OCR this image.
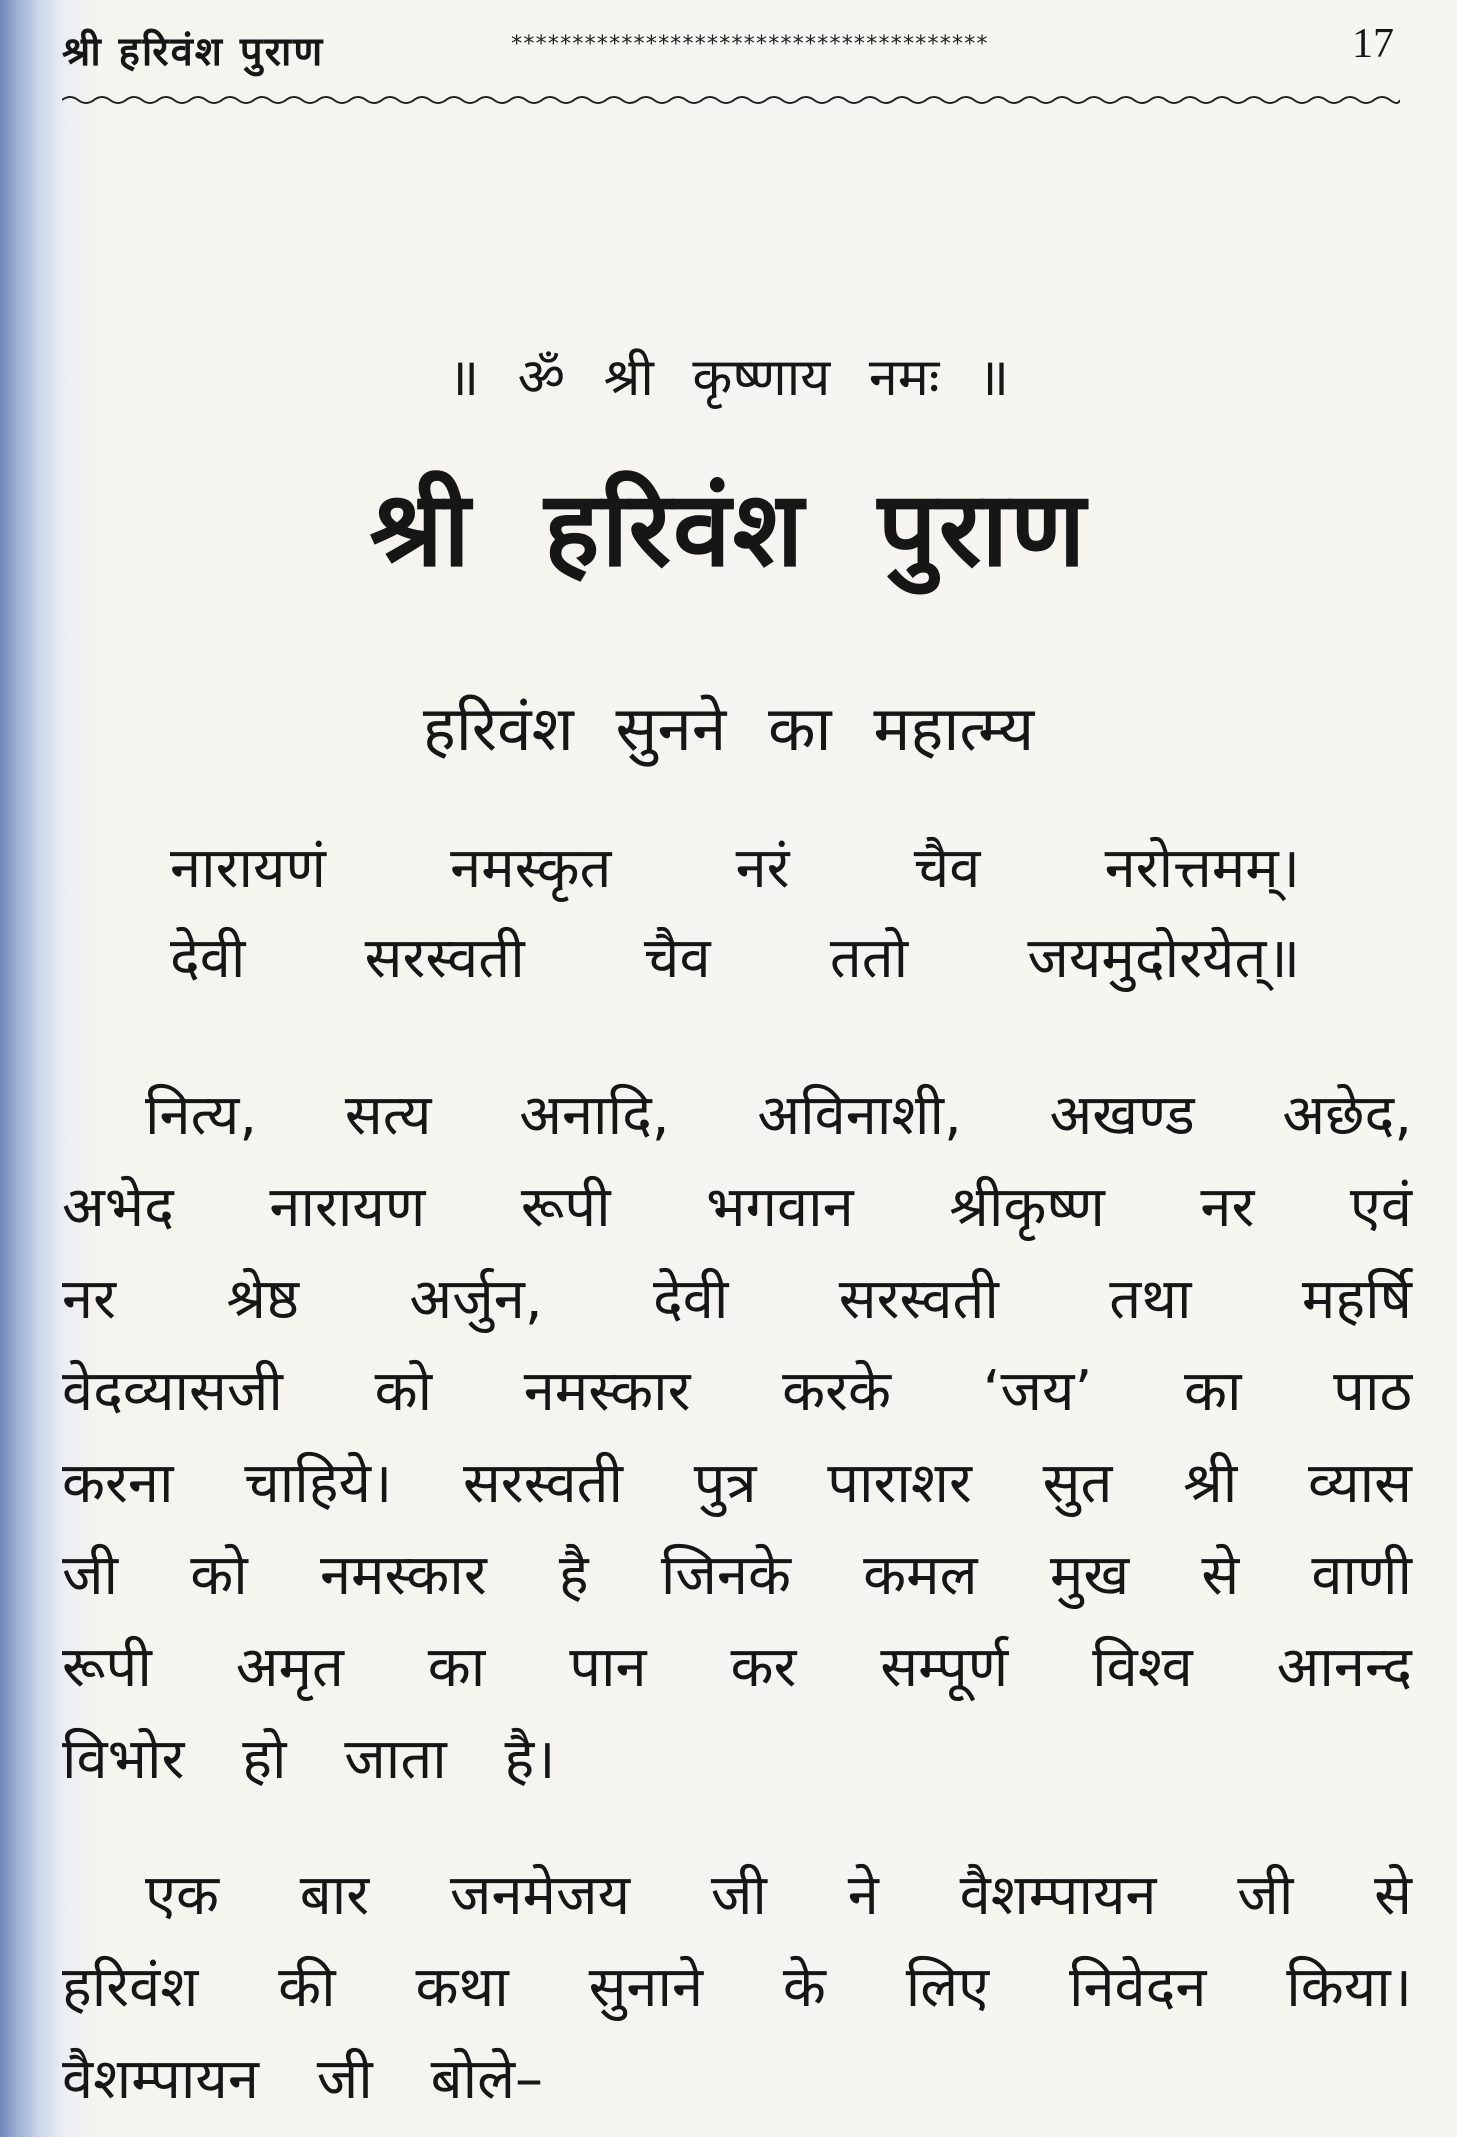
श्री हरिवंश पुराण	***************************************	17
॥ ॐ श्री कृष्णाय नमः ॥
श्री हरिवंश पुराण
हरिवंश सुनने का महात्म्य
नारायणं नमस्कृत नरं चैव नरोत्तमम्।
देवी सरस्वती चैव ततो जयमुदोरयेत्॥
नित्य, सत्य अनादि, अविनाशी, अखण्ड अछेद,
अभेद नारायण रूपी भगवान श्रीकृष्ण नर एवं
नर श्रेष्ठ अर्जुन, देवी सरस्वती तथा महर्षि
वेदव्यासजी को नमस्कार करके ‘जय’ का पाठ
करना चाहिये। सरस्वती पुत्र पाराशर सुत श्री व्यास
जी को नमस्कार है जिनके कमल मुख से वाणी
रूपी अमृत का पान कर सम्पूर्ण विश्व आनन्द
विभोर हो जाता है।
एक बार जनमेजय जी ने वैशम्पायन जी से
हरिवंश की कथा सुनाने के लिए निवेदन किया।
वैशम्पायन जी बोले–
